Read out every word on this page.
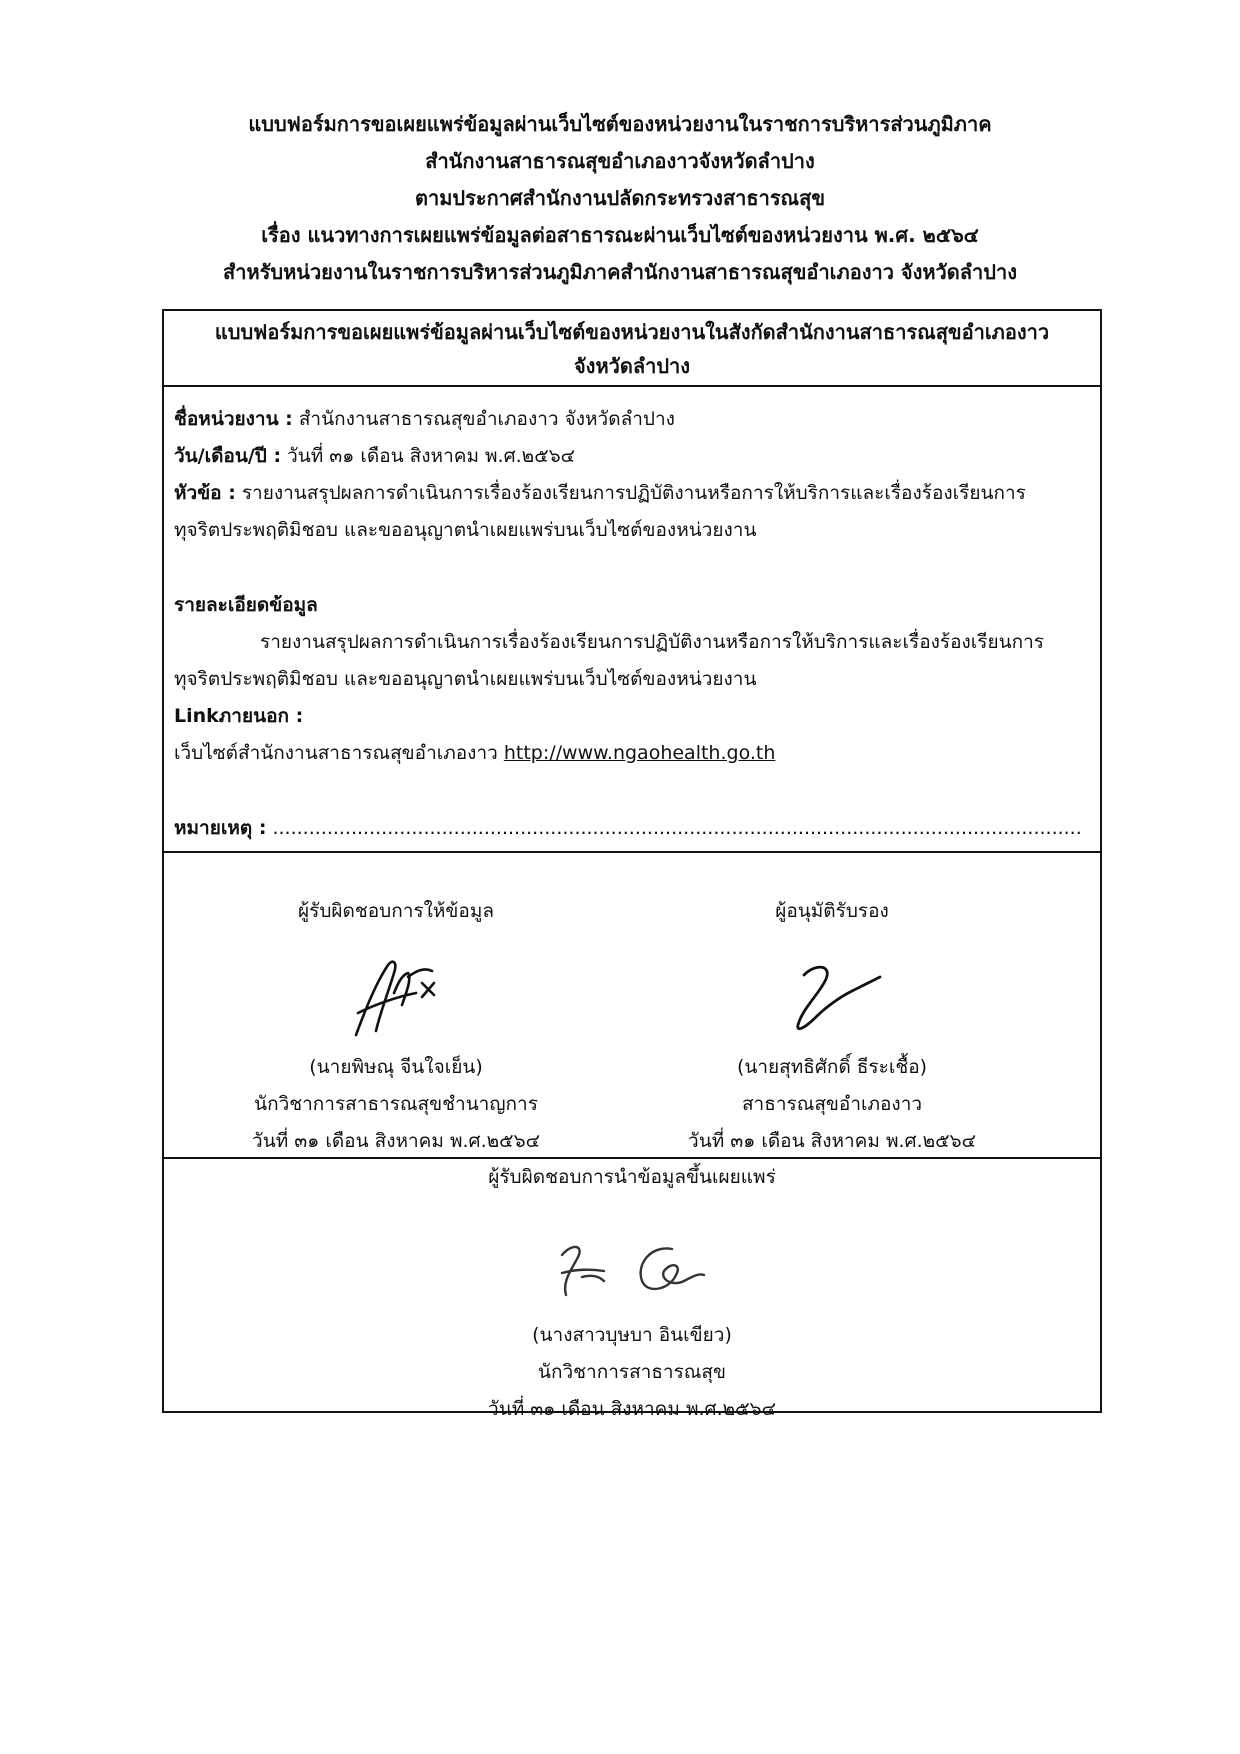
แบบฟอร์มการขอเผยแพร่ข้อมูลผ่านเว็บไซต์ของหน่วยงานในราชการบริหารส่วนภูมิภาค
สำนักงานสาธารณสุขอำเภองาวจังหวัดลำปาง
ตามประกาศสำนักงานปลัดกระทรวงสาธารณสุข
เรื่อง แนวทางการเผยแพร่ข้อมูลต่อสาธารณะผ่านเว็บไซต์ของหน่วยงาน พ.ศ. ๒๕๖๔
สำหรับหน่วยงานในราชการบริหารส่วนภูมิภาคสำนักงานสาธารณสุขอำเภองาว จังหวัดลำปาง
แบบฟอร์มการขอเผยแพร่ข้อมูลผ่านเว็บไซต์ของหน่วยงานในสังกัดสำนักงานสาธารณสุขอำเภองาว
จังหวัดลำปาง
ชื่อหน่วยงาน : สำนักงานสาธารณสุขอำเภองาว จังหวัดลำปาง
วัน/เดือน/ปี : วันที่ ๓๑ เดือน สิงหาคม พ.ศ.๒๕๖๔
หัวข้อ : รายงานสรุปผลการดำเนินการเรื่องร้องเรียนการปฏิบัติงานหรือการให้บริการและเรื่องร้องเรียนการ
ทุจริตประพฤติมิชอบ และขออนุญาตนำเผยแพร่บนเว็บไซต์ของหน่วยงาน
รายละเอียดข้อมูล
รายงานสรุปผลการดำเนินการเรื่องร้องเรียนการปฏิบัติงานหรือการให้บริการและเรื่องร้องเรียนการ
ทุจริตประพฤติมิชอบ และขออนุญาตนำเผยแพร่บนเว็บไซต์ของหน่วยงาน
Linkภายนอก :
เว็บไซต์สำนักงานสาธารณสุขอำเภองาว http://www.ngaohealth.go.th
หมายเหตุ : ......................................................................................................................................
ผู้รับผิดชอบการให้ข้อมูล
(นายพิษณุ จีนใจเย็น)
นักวิชาการสาธารณสุขชำนาญการ
วันที่ ๓๑ เดือน สิงหาคม พ.ศ.๒๕๖๔
ผู้อนุมัติรับรอง
(นายสุทธิศักดิ์ ธีระเชื้อ)
สาธารณสุขอำเภองาว
วันที่ ๓๑ เดือน สิงหาคม พ.ศ.๒๕๖๔
ผู้รับผิดชอบการนำข้อมูลขึ้นเผยแพร่
(นางสาวบุษบา อินเขียว)
นักวิชาการสาธารณสุข
วันที่ ๓๑ เดือน สิงหาคม พ.ศ.๒๕๖๔
